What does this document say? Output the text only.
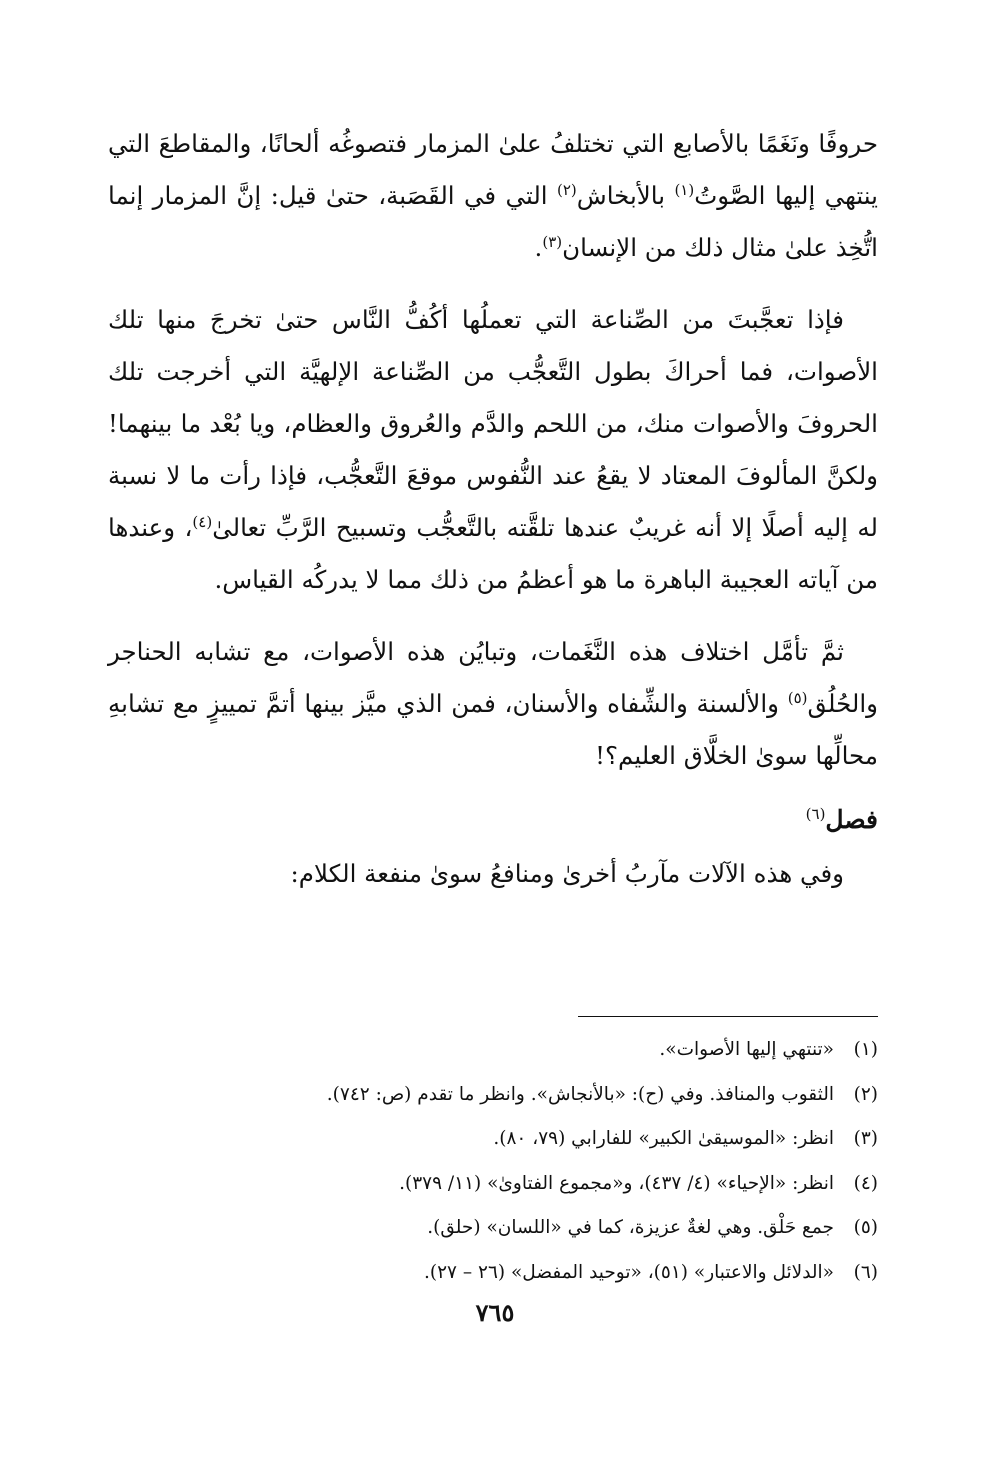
حروفًا ونَغَمًا بالأصابع التي تختلفُ علىٰ المزمار فتصوغُه ألحانًا، والمقاطعَ التي ينتهي إليها الصَّوتُ$^{(١)}$ بالأبخاش$^{(٢)}$ التي في القَصَبة، حتىٰ قيل: إنَّ المزمار إنما اتُّخِذ علىٰ مثال ذلك من الإنسان$^{(٣)}$.

فإذا تعجَّبتَ من الصِّناعة التي تعملُها أكُفُّ النَّاس حتىٰ تخرجَ منها تلك الأصوات، فما أحراكَ بطول التَّعجُّب من الصِّناعة الإلهيَّة التي أخرجت تلك الحروفَ والأصوات منك، من اللحم والدَّم والعُروق والعظام، ويا بُعْد ما بينهما! ولكنَّ المألوفَ المعتاد لا يقعُ عند النُّفوس موقعَ التَّعجُّب، فإذا رأت ما لا نسبة له إليه أصلًا إلا أنه غريبٌ عندها تلقَّته بالتَّعجُّب وتسبيح الرَّبِّ تعالىٰ$^{(٤)}$، وعندها من آياته العجيبة الباهرة ما هو أعظمُ من ذلك مما لا يدركُه القياس.

ثمَّ تأمَّل اختلاف هذه النَّغَمات، وتبايُن هذه الأصوات، مع تشابه الحناجر والحُلُق$^{(٥)}$ والألسنة والشِّفاه والأسنان، فمن الذي ميَّز بينها أتمَّ تمييزٍ مع تشابهِ محالِّها سوىٰ الخلَّاق العليم؟!

فصل$^{(٦)}$

وفي هذه الآلات مآربُ أخرىٰ ومنافعُ سوىٰ منفعة الكلام:

(١)
«تنتهي إليها الأصوات».
(٢)
الثقوب والمنافذ. وفي (ح): «بالأنجاش». وانظر ما تقدم (ص: ٧٤٢).
(٣)
انظر: «الموسيقىٰ الكبير» للفارابي (٧٩، ٨٠).
(٤)
انظر: «الإحياء» (٤/ ٤٣٧)، و«مجموع الفتاوىٰ» (١١/ ٣٧٩).
(٥)
جمع حَلْق. وهي لغةٌ عزيزة، كما في «اللسان» (حلق).
(٦)
«الدلائل والاعتبار» (٥١)، «توحيد المفضل» (٢٦ – ٢٧).
٧٦٥
